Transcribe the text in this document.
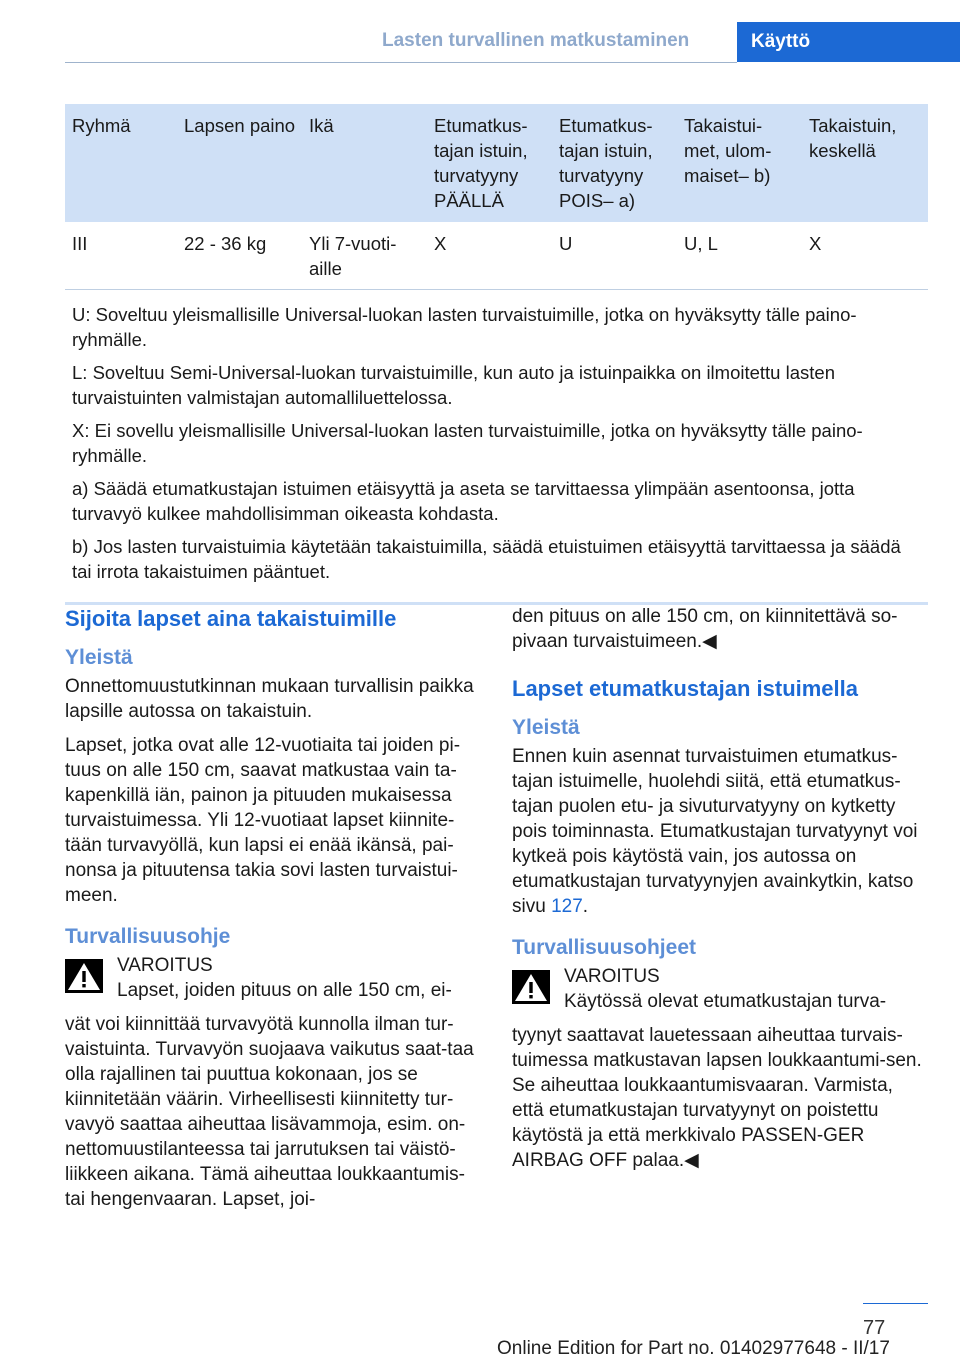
Lasten turvallinen matkustaminen	Käyttö
Ryhmä	Lapsen paino	Ikä	Etumatkus-tajan istuin, turvatyyny PÄÄLLÄ	Etumatkus-tajan istuin, turvatyyny POIS– a)	Takaistui-met, ulom-maiset– b)	Takaistuin, keskellä
III	22 - 36 kg	Yli 7-vuoti-aille	X	U	U, L	X

U: Soveltuu yleismallisille Universal-luokan lasten turvaistuimille, jotka on hyväksytty tälle paino-ryhmälle.

L: Soveltuu Semi-Universal-luokan turvaistuimille, kun auto ja istuinpaikka on ilmoitettu lasten turvaistuinten valmistajan automalliluettelossa.

X: Ei sovellu yleismallisille Universal-luokan lasten turvaistuimille, jotka on hyväksytty tälle paino-ryhmälle.

a) Säädä etumatkustajan istuimen etäisyyttä ja aseta se tarvittaessa ylimpään asentoonsa, jotta turvavyö kulkee mahdollisimman oikeasta kohdasta.

b) Jos lasten turvaistuimia käytetään takaistuimilla, säädä etuistuimen etäisyyttä tarvittaessa ja säädä tai irrota takaistuimen pääntuet.						

Sijoita lapset aina takaistuimille
Yleistä

Onnettomuustutkinnan mukaan turvallisin paikka lapsille autossa on takaistuin.

Lapset, jotka ovat alle 12-vuotiaita tai joiden pi-tuus on alle 150 cm, saavat matkustaa vain ta-kapenkillä iän, painon ja pituuden mukaisessa turvaistuimessa. Yli 12-vuotiaat lapset kiinnite-tään turvavyöllä, kun lapsi ei enää ikänsä, pai-nonsa ja pituutensa takia sovi lasten turvaistui-meen.

Turvallisuusohje
VAROITUS

Lapset, joiden pituus on alle 150 cm, ei-

vät voi kiinnittää turvavyötä kunnolla ilman tur-vaistuinta. Turvavyön suojaava vaikutus saat-taa olla rajallinen tai puuttua kokonaan, jos se kiinnitetään väärin. Virheellisesti kiinnitetty tur-vavyö saattaa aiheuttaa lisävammoja, esim. on-nettomuustilanteessa tai jarrutuksen tai väistö-liikkeen aikana. Tämä aiheuttaa loukkaantumis- tai hengenvaaran. Lapset, joi-

den pituus on alle 150 cm, on kiinnitettävä so-pivaan turvaistuimeen.◀

Lapset etumatkustajan istuimella
Yleistä

Ennen kuin asennat turvaistuimen etumatkus-tajan istuimelle, huolehdi siitä, että etumatkus-tajan puolen etu- ja sivuturvatyyny on kytketty pois toiminnasta. Etumatkustajan turvatyynyt voi kytkeä pois käytöstä vain, jos autossa on etumatkustajan turvatyynyjen avainkytkin, katso sivu 127.

Turvallisuusohjeet
VAROITUS

Käytössä olevat etumatkustajan turva-

tyynyt saattavat lauetessaan aiheuttaa turvais-tuimessa matkustavan lapsen loukkaantumi-sen. Se aiheuttaa loukkaantumisvaaran. Varmista, että etumatkustajan turvatyynyt on poistettu käytöstä ja että merkkivalo PASSEN-GER AIRBAG OFF palaa.◀

77
Online Edition for Part no. 01402977648 - II/17
